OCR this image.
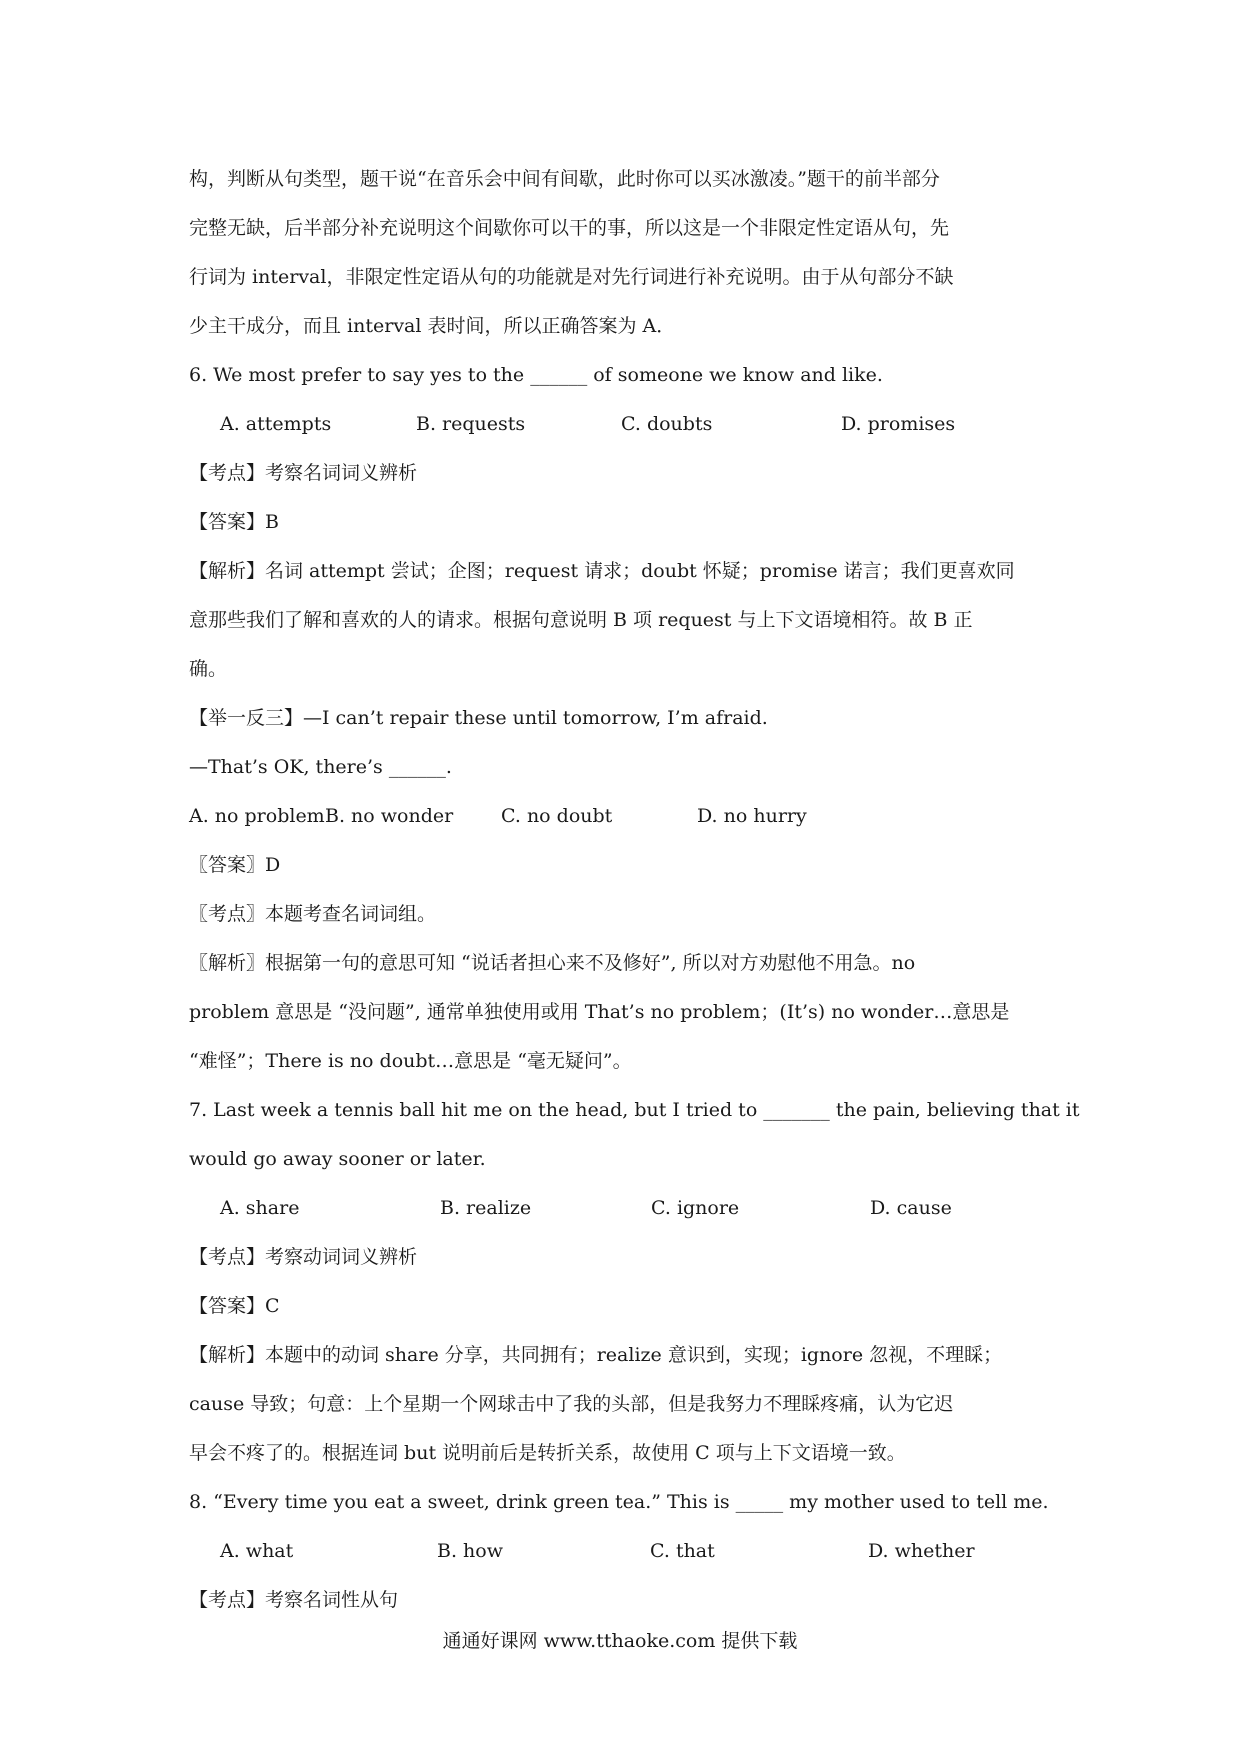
构，判断从句类型，题干说“在音乐会中间有间歇，此时你可以买冰激凌。”题干的前半部分
完整无缺，后半部分补充说明这个间歇你可以干的事，所以这是一个非限定性定语从句，先
行词为 interval，非限定性定语从句的功能就是对先行词进行补充说明。由于从句部分不缺
少主干成分，而且 interval 表时间，所以正确答案为 A．
6. We most prefer to say yes to the ______ of someone we know and like.
A. attempts	B. requests	C. doubts	D. promises
【考点】考察名词词义辨析
【答案】B
【解析】名词 attempt 尝试；企图；request 请求；doubt 怀疑；promise 诺言；我们更喜欢同
意那些我们了解和喜欢的人的请求。根据句意说明 B 项 request 与上下文语境相符。故 B 正
确。
【举一反三】—I can’t repair these until tomorrow, I’m afraid.
—That’s OK, there’s ______.
A. no problem B. no wonder	C. no doubt	D. no hurry
〖答案〗D
〖考点〗本题考查名词词组。
〖解析〗根据第一句的意思可知 “说话者担心来不及修好”, 所以对方劝慰他不用急。no
problem 意思是 “没问题”, 通常单独使用或用 That’s no problem；(It’s) no wonder…意思是
“难怪”；There is no doubt…意思是 “毫无疑问”。
7. Last week a tennis ball hit me on the head, but I tried to _______ the pain, believing that it
would go away sooner or later.
A. share	B. realize	C. ignore	D. cause
【考点】考察动词词义辨析
【答案】C
【解析】本题中的动词 share 分享，共同拥有；realize 意识到，实现；ignore 忽视，不理睬；
cause 导致；句意：上个星期一个网球击中了我的头部，但是我努力不理睬疼痛，认为它迟
早会不疼了的。根据连词 but 说明前后是转折关系，故使用 C 项与上下文语境一致。
8. “Every time you eat a sweet, drink green tea.” This is _____ my mother used to tell me.
A. what	B. how	C. that	D. whether
【考点】考察名词性从句
通通好课网 www.tthaoke.com 提供下载
